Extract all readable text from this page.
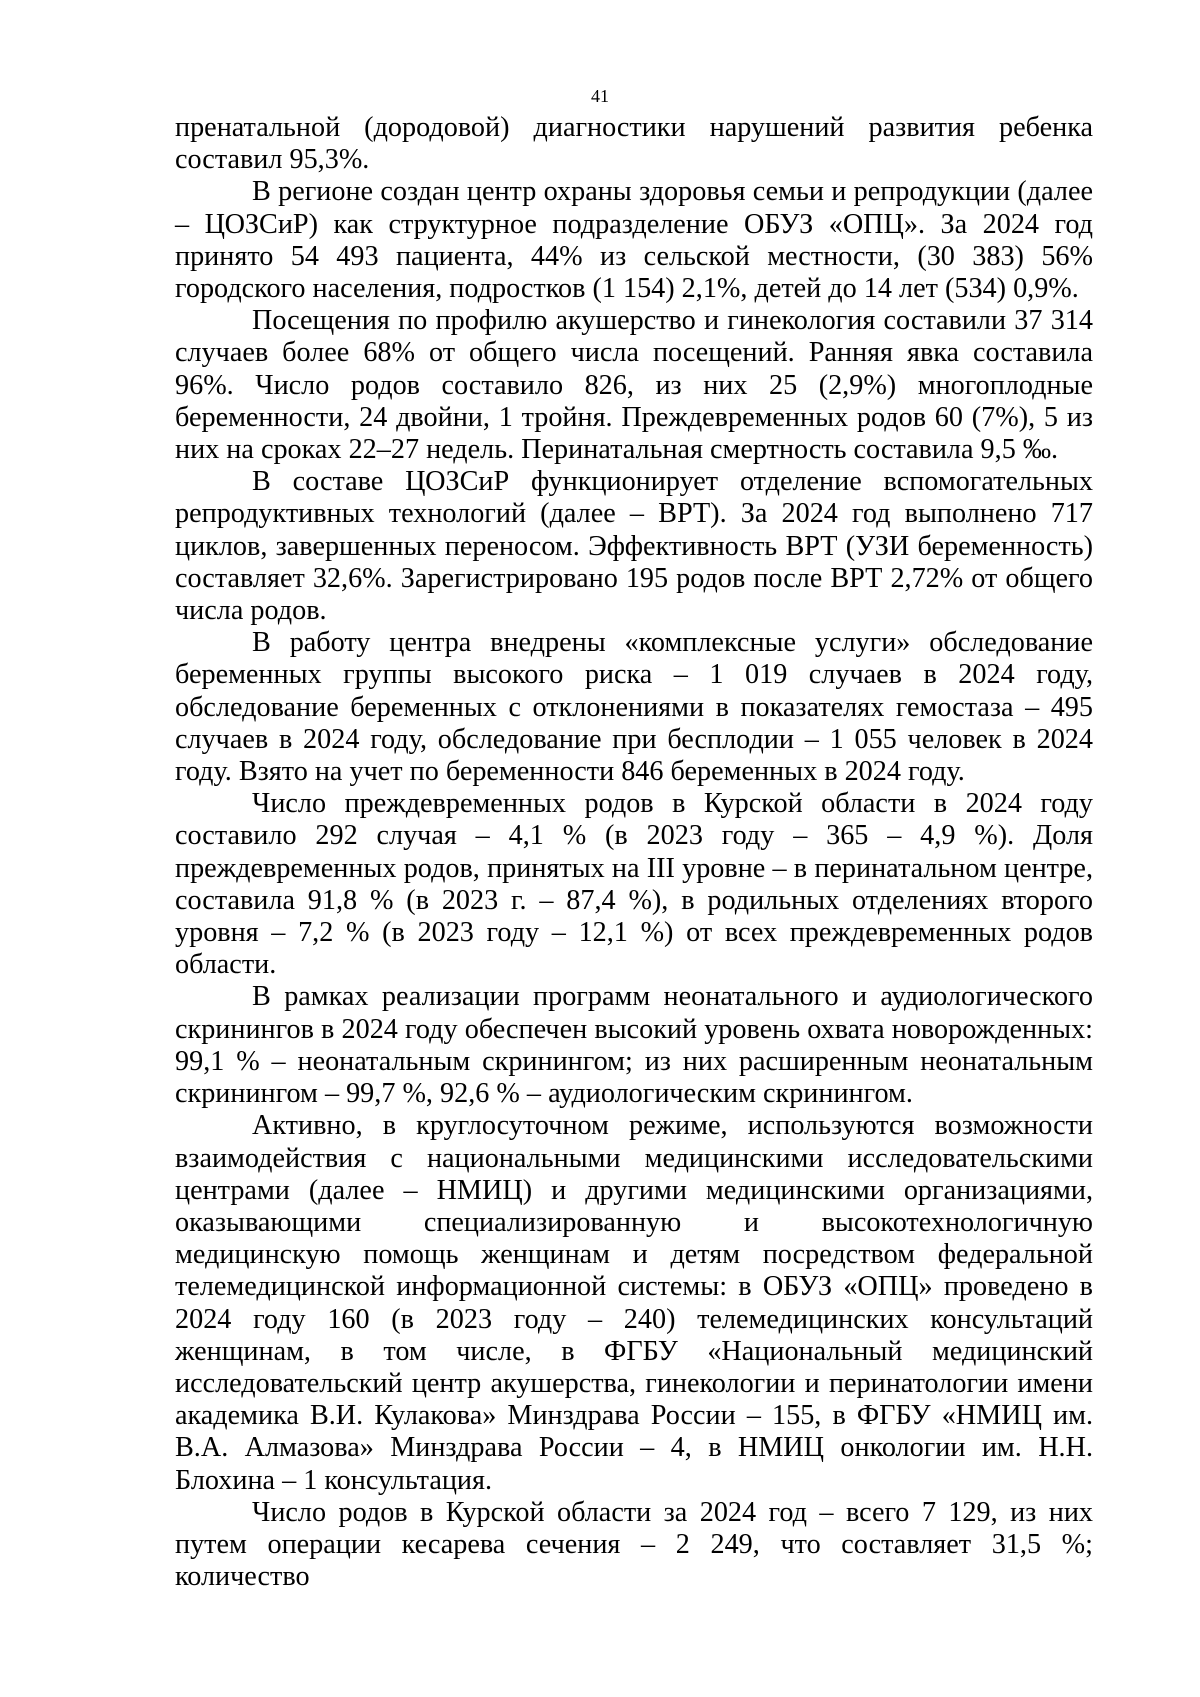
41

пренатальной (дородовой) диагностики нарушений развития ребенка составил 95,3%.

В регионе создан центр охраны здоровья семьи и репродукции (далее – ЦОЗСиР) как структурное подразделение ОБУЗ «ОПЦ». За 2024 год принято 54 493 пациента, 44% из сельской местности, (30 383) 56% городского населения, подростков (1 154) 2,1%, детей до 14 лет (534) 0,9%.

Посещения по профилю акушерство и гинекология составили 37 314 случаев более 68% от общего числа посещений. Ранняя явка составила 96%. Число родов составило 826, из них 25 (2,9%) многоплодные беременности, 24 двойни, 1 тройня. Преждевременных родов 60 (7%), 5 из них на сроках 22–27 недель. Перинатальная смертность составила 9,5 ‰.

В составе ЦОЗСиР функционирует отделение вспомогательных репродуктивных технологий (далее – ВРТ). За 2024 год выполнено 717 циклов, завершенных переносом. Эффективность ВРТ (УЗИ беременность) составляет 32,6%. Зарегистрировано 195 родов после ВРТ 2,72% от общего числа родов.

В работу центра внедрены «комплексные услуги» обследование беременных группы высокого риска – 1 019 случаев в 2024 году, обследование беременных с отклонениями в показателях гемостаза – 495 случаев в 2024 году, обследование при бесплодии – 1 055 человек в 2024 году. Взято на учет по беременности 846 беременных в 2024 году.

Число преждевременных родов в Курской области в 2024 году составило 292 случая – 4,1 % (в 2023 году – 365 – 4,9 %). Доля преждевременных родов, принятых на III уровне – в перинатальном центре, составила 91,8 % (в 2023 г. – 87,4 %), в родильных отделениях второго уровня – 7,2 % (в 2023 году – 12,1 %) от всех преждевременных родов области.

В рамках реализации программ неонатального и аудиологического скринингов в 2024 году обеспечен высокий уровень охвата новорожденных: 99,1 % – неонатальным скринингом; из них расширенным неонатальным скринингом – 99,7 %, 92,6 % – аудиологическим скринингом.

Активно, в круглосуточном режиме, используются возможности взаимодействия с национальными медицинскими исследовательскими центрами (далее – НМИЦ) и другими медицинскими организациями, оказывающими специализированную и высокотехнологичную медицинскую помощь женщинам и детям посредством федеральной телемедицинской информационной системы: в ОБУЗ «ОПЦ» проведено в 2024 году 160 (в 2023 году – 240) телемедицинских консультаций женщинам, в том числе, в ФГБУ «Национальный медицинский исследовательский центр акушерства, гинекологии и перинатологии имени академика В.И. Кулакова» Минздрава России – 155, в ФГБУ «НМИЦ им. В.А. Алмазова» Минздрава России – 4, в НМИЦ онкологии им. Н.Н. Блохина – 1 консультация.

Число родов в Курской области за 2024 год – всего 7 129, из них путем операции кесарева сечения – 2 249, что составляет 31,5 %; количество
